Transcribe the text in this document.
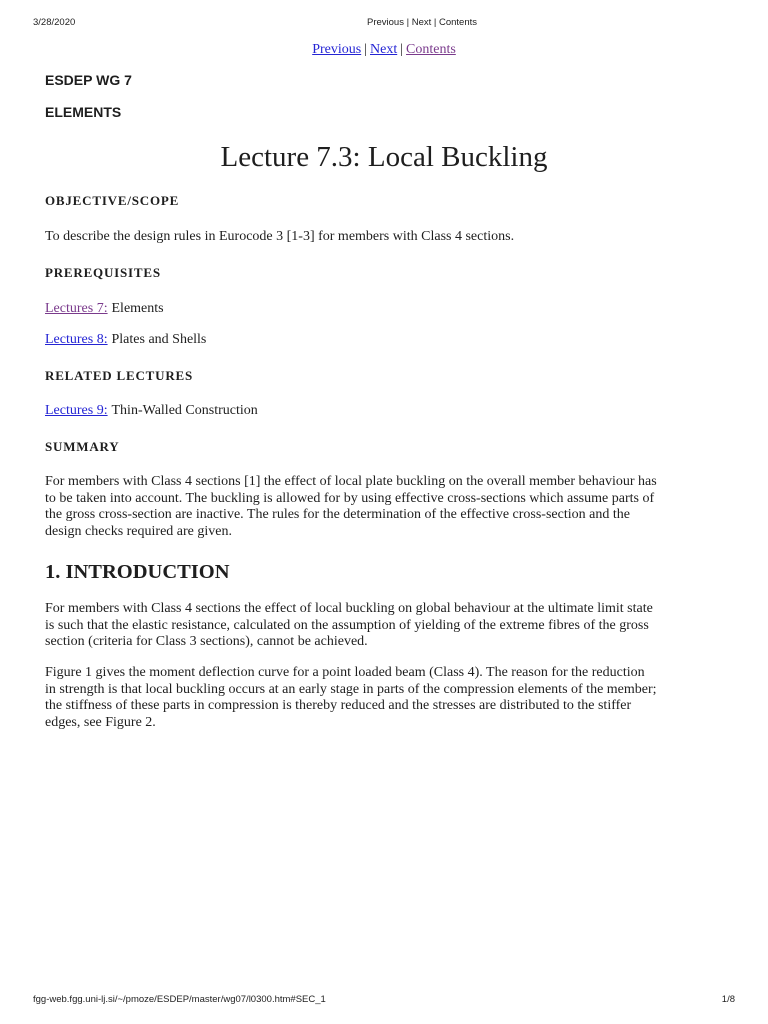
3/28/2020	Previous | Next | Contents
Previous | Next | Contents
ESDEP WG 7
ELEMENTS
Lecture 7.3: Local Buckling
OBJECTIVE/SCOPE
To describe the design rules in Eurocode 3 [1-3] for members with Class 4 sections.
PREREQUISITES
Lectures 7: Elements
Lectures 8: Plates and Shells
RELATED LECTURES
Lectures 9: Thin-Walled Construction
SUMMARY
For members with Class 4 sections [1] the effect of local plate buckling on the overall member behaviour has
to be taken into account. The buckling is allowed for by using effective cross-sections which assume parts of
the gross cross-section are inactive. The rules for the determination of the effective cross-section and the
design checks required are given.
1. INTRODUCTION
For members with Class 4 sections the effect of local buckling on global behaviour at the ultimate limit state
is such that the elastic resistance, calculated on the assumption of yielding of the extreme fibres of the gross
section (criteria for Class 3 sections), cannot be achieved.
Figure 1 gives the moment deflection curve for a point loaded beam (Class 4). The reason for the reduction
in strength is that local buckling occurs at an early stage in parts of the compression elements of the member;
the stiffness of these parts in compression is thereby reduced and the stresses are distributed to the stiffer
edges, see Figure 2.
fgg-web.fgg.uni-lj.si/~/pmoze/ESDEP/master/wg07/l0300.htm#SEC_1	1/8
